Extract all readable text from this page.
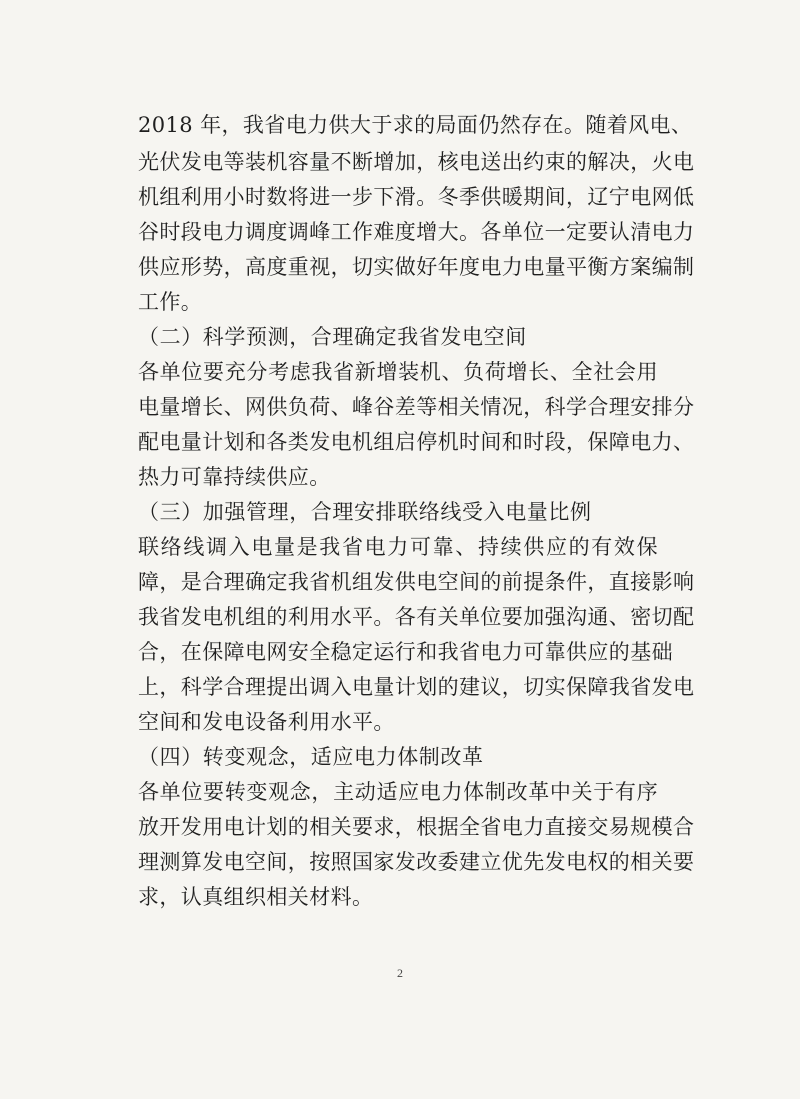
2018 年，我省电力供大于求的局面仍然存在。随着风电、
光伏发电等装机容量不断增加，核电送出约束的解决，火电
机组利用小时数将进一步下滑。冬季供暖期间，辽宁电网低
谷时段电力调度调峰工作难度增大。各单位一定要认清电力
供应形势，高度重视，切实做好年度电力电量平衡方案编制
工作。
（二）科学预测，合理确定我省发电空间
各单位要充分考虑我省新增装机、负荷增长、全社会用
电量增长、网供负荷、峰谷差等相关情况，科学合理安排分
配电量计划和各类发电机组启停机时间和时段，保障电力、
热力可靠持续供应。
（三）加强管理，合理安排联络线受入电量比例
联络线调入电量是我省电力可靠、持续供应的有效保
障，是合理确定我省机组发供电空间的前提条件，直接影响
我省发电机组的利用水平。各有关单位要加强沟通、密切配
合，在保障电网安全稳定运行和我省电力可靠供应的基础
上，科学合理提出调入电量计划的建议，切实保障我省发电
空间和发电设备利用水平。
（四）转变观念，适应电力体制改革
各单位要转变观念，主动适应电力体制改革中关于有序
放开发用电计划的相关要求，根据全省电力直接交易规模合
理测算发电空间，按照国家发改委建立优先发电权的相关要
求，认真组织相关材料。
2
